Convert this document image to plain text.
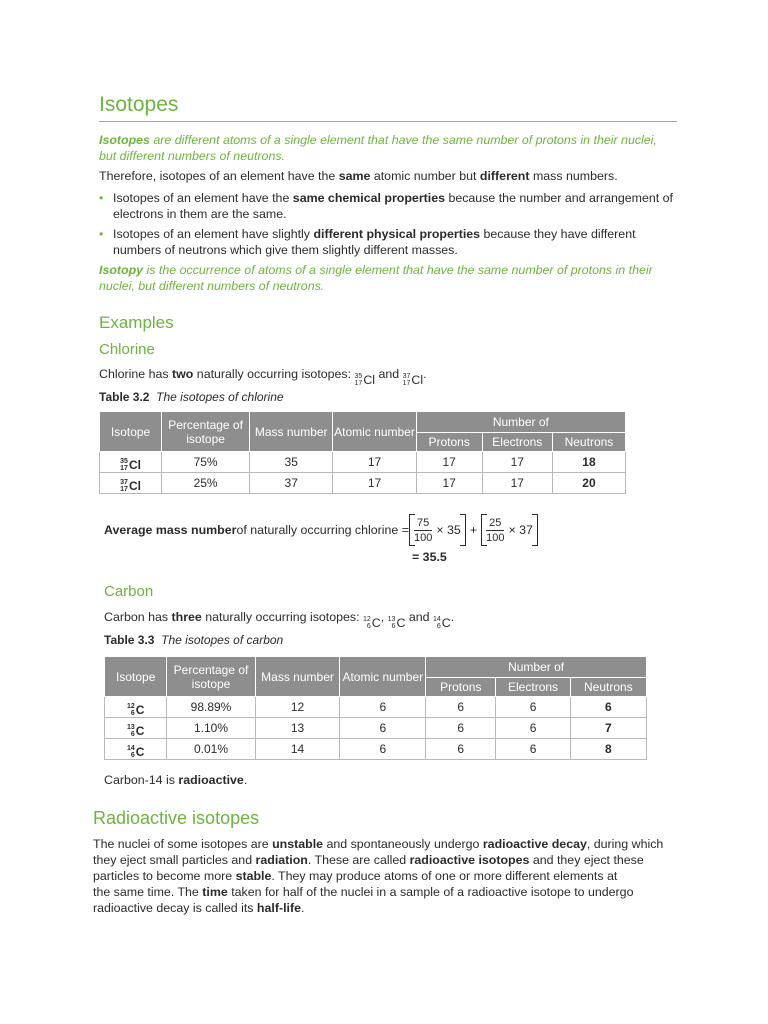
Isotopes

Isotopes are different atoms of a single element that have the same number of protons in their nuclei,
but different numbers of neutrons.

Therefore, isotopes of an element have the same atomic number but different mass numbers.

• Isotopes of an element have the same chemical properties because the number and arrangement of electrons in them are the same.
• Isotopes of an element have slightly different physical properties because they have different numbers of neutrons which give them slightly different masses.

Isotopy is the occurrence of atoms of a single element that have the same number of protons in their
nuclei, but different numbers of neutrons.

Examples
Chlorine

Chlorine has two naturally occurring isotopes: 35
17 Cl and 37
17 Cl .

Table 3.2 The isotopes of chlorine
Isotope	Percentage of isotope	Mass number	Atomic number	Number of		
				Protons	Electrons	Neutrons

35
17 Cl	75%	35	17	17	17	18

37
17 Cl	25%	37	17	17	17	20
Average mass number of naturally occurring chlorine = $\frac{75}{100} \times 35 + \frac{25}{100} \times 37$
= 35.5
Carbon

Carbon has three naturally occurring isotopes: 12
6 C , 13
6 C and 14
6 C .

Table 3.3 The isotopes of carbon
Isotope	Percentage of isotope	Mass number	Atomic number	Number of		
				Protons	Electrons	Neutrons

12
6 C	98.89%	12	6	6	6	6

13
6 C	1.10%	13	6	6	6	7

14
6 C	0.01%	14	6	6	6	8

Carbon-14 is radioactive.

Radioactive isotopes

The nuclei of some isotopes are unstable and spontaneously undergo radioactive decay, during which
they eject small particles and radiation. These are called radioactive isotopes and they eject these
particles to become more stable. They may produce atoms of one or more different elements at
the same time. The time taken for half of the nuclei in a sample of a radioactive isotope to undergo
radioactive decay is called its half-life.
